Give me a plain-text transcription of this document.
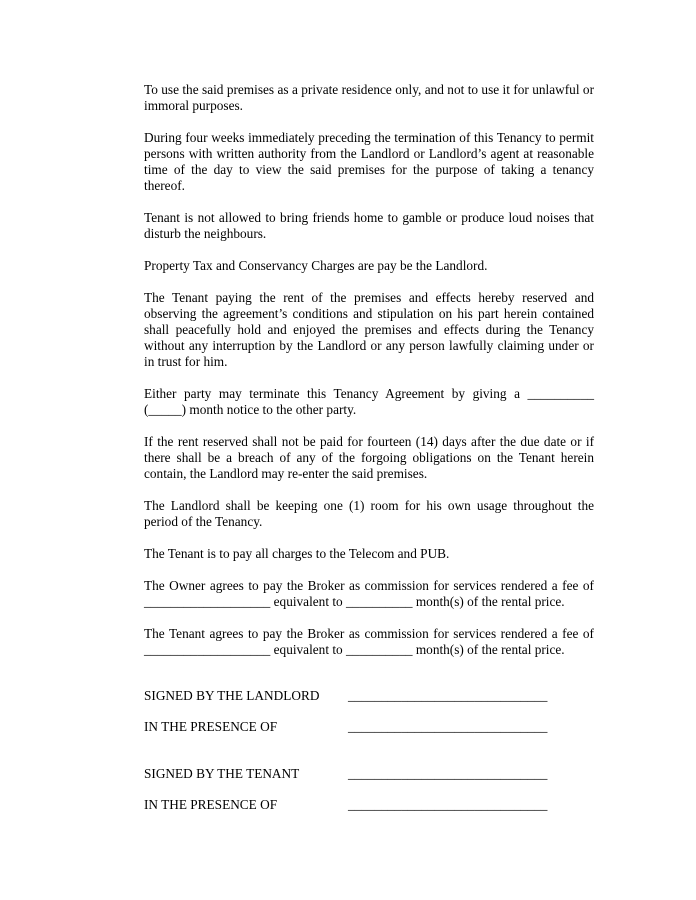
To use the said premises as a private residence only, and not to use it for unlawful or immoral purposes.

During four weeks immediately preceding the termination of this Tenancy to permit persons with written authority from the Landlord or Landlord’s agent at reasonable time of the day to view the said premises for the purpose of taking a tenancy thereof.

Tenant is not allowed to bring friends home to gamble or produce loud noises that disturb the neighbours.

Property Tax and Conservancy Charges are pay be the Landlord.

The Tenant paying the rent of the premises and effects hereby reserved and observing the agreement’s conditions and stipulation on his part herein contained shall peacefully hold and enjoyed the premises and effects during the Tenancy without any interruption by the Landlord or any person lawfully claiming under or in trust for him.

Either party may terminate this Tenancy Agreement by giving a __________ (_____) month notice to the other party.

If the rent reserved shall not be paid for fourteen (14) days after the due date or if there shall be a breach of any of the forgoing obligations on the Tenant herein contain, the Landlord may re-enter the said premises.

The Landlord shall be keeping one (1) room for his own usage throughout the period of the Tenancy.

The Tenant is to pay all charges to the Telecom and PUB.

The Owner agrees to pay the Broker as commission for services rendered a fee of ___________________ equivalent to __________ month(s) of the rental price.

The Tenant agrees to pay the Broker as commission for services rendered a fee of ___________________ equivalent to __________ month(s) of the rental price.

SIGNED BY THE LANDLORD	______________________________
IN THE PRESENCE OF	______________________________
SIGNED BY THE TENANT	______________________________
IN THE PRESENCE OF	______________________________
